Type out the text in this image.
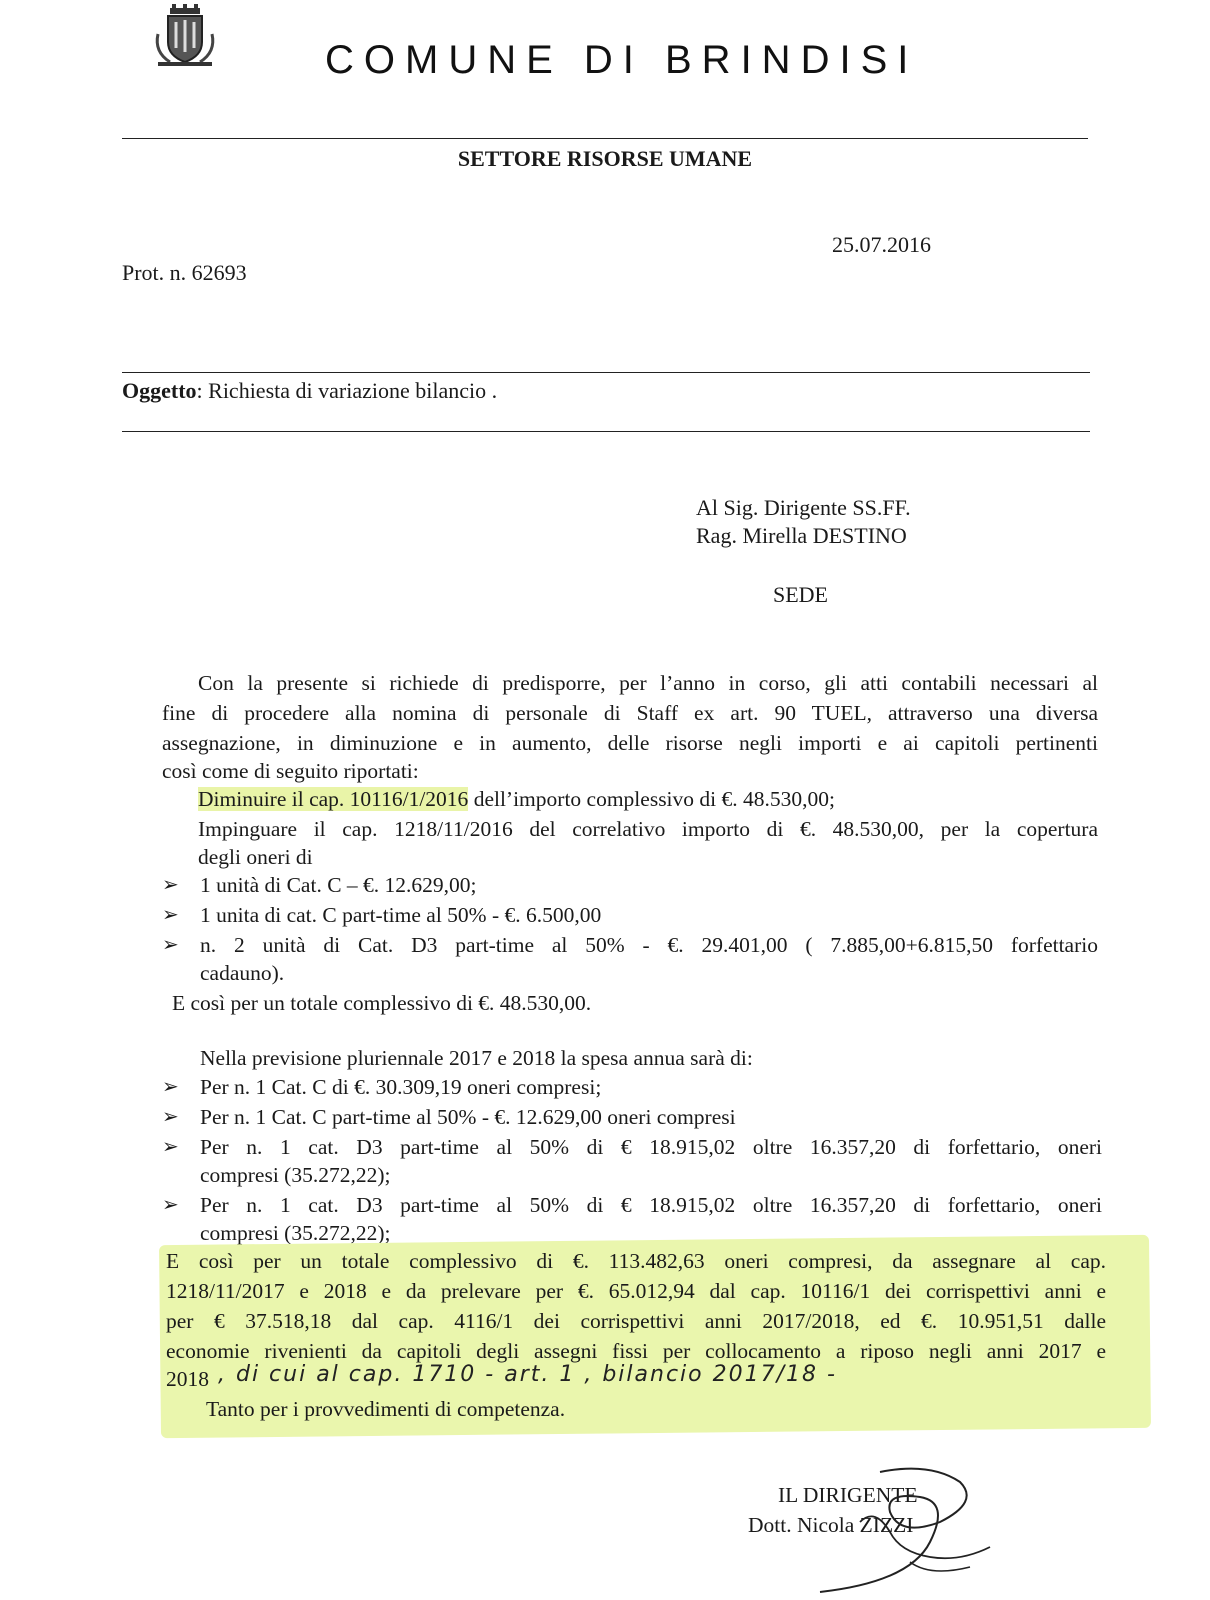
COMUNE DI BRINDISI
SETTORE RISORSE UMANE
25.07.2016
Prot. n. 62693
Oggetto: Richiesta di variazione bilancio .
Al Sig. Dirigente SS.FF.
Rag. Mirella DESTINO
SEDE
Con la presente si richiede di predisporre, per l’anno in corso, gli atti contabili necessari al
fine di procedere alla nomina di personale di Staff ex art. 90 TUEL, attraverso una diversa
assegnazione, in diminuzione e in aumento, delle risorse negli importi e ai capitoli pertinenti
così come di seguito riportati:
Diminuire il cap. 10116/1/2016 dell’importo complessivo di €. 48.530,00;
Impinguare il cap. 1218/11/2016 del correlativo importo di €. 48.530,00, per la copertura
degli oneri di
➢ 1 unità di Cat. C – €. 12.629,00;
➢ 1 unita di cat. C part-time al 50% - €. 6.500,00
➢ n. 2 unità di Cat. D3 part-time al 50% - €. 29.401,00 ( 7.885,00+6.815,50 forfettario
cadauno).
E così per un totale complessivo di €. 48.530,00.
Nella previsione pluriennale 2017 e 2018 la spesa annua sarà di:
➢ Per n. 1 Cat. C di €. 30.309,19 oneri compresi;
➢ Per n. 1 Cat. C part-time al 50% - €. 12.629,00 oneri compresi
➢ Per n. 1 cat. D3 part-time al 50% di € 18.915,02 oltre 16.357,20 di forfettario, oneri
compresi (35.272,22);
➢ Per n. 1 cat. D3 part-time al 50% di € 18.915,02 oltre 16.357,20 di forfettario, oneri
compresi (35.272,22);
E così per un totale complessivo di €. 113.482,63 oneri compresi, da assegnare al cap.
1218/11/2017 e 2018 e da prelevare per €. 65.012,94 dal cap. 10116/1 dei corrispettivi anni e
per € 37.518,18 dal cap. 4116/1 dei corrispettivi anni 2017/2018, ed €. 10.951,51 dalle
economie rivenienti da capitoli degli assegni fissi per collocamento a riposo negli anni 2017 e
2018 , di cui al cap. 1710 - art. 1 , bilancio 2017/18 -
Tanto per i provvedimenti di competenza.
IL DIRIGENTE
Dott. Nicola ZIZZI
